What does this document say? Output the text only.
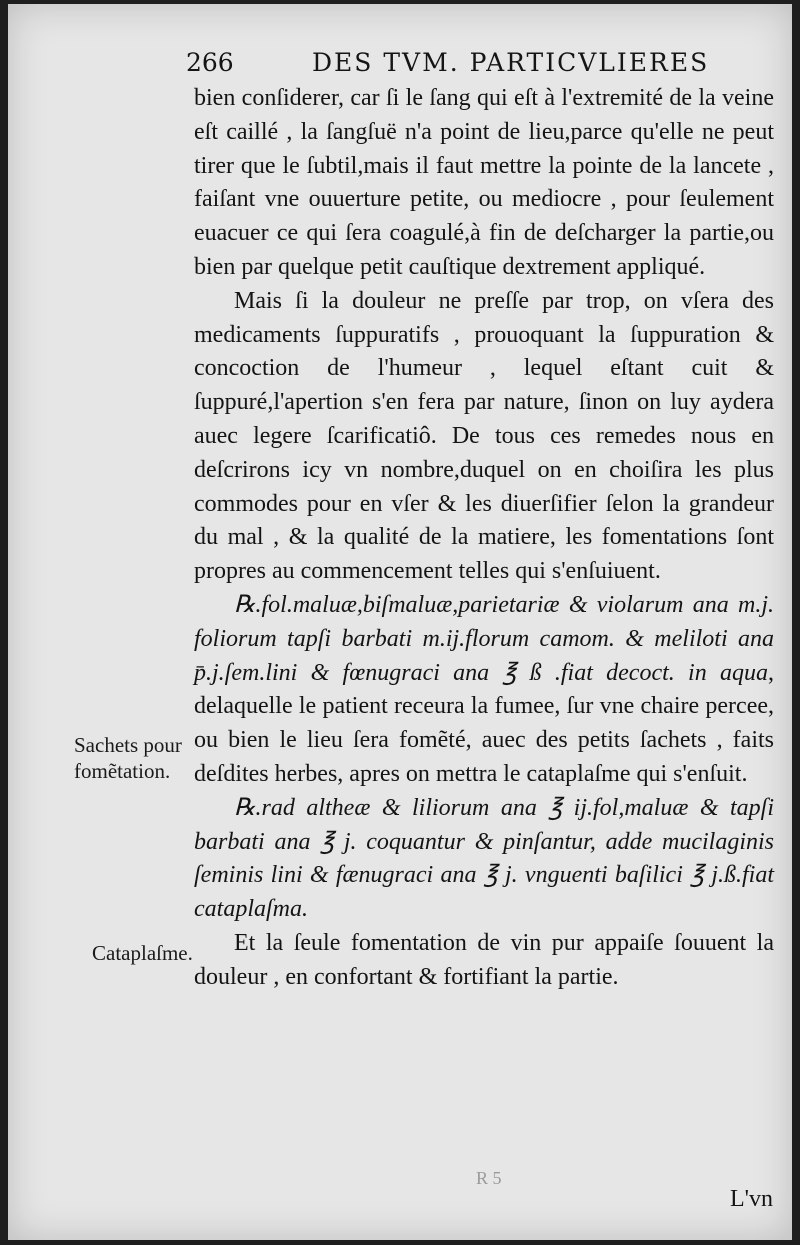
266	DES TVM. PARTICVLIERES

bien conſiderer, car ſi le ſang qui eſt à l'extremité de la veine eſt caillé , la ſangſuë n'a point de lieu,parce qu'elle ne peut tirer que le ſubtil,mais il faut mettre la pointe de la lancete , faiſant vne ouuerture petite, ou mediocre , pour ſeulement euacuer ce qui ſera coagulé,à fin de deſcharger la partie,ou bien par quelque petit cauſtique dextrement appliqué.

Mais ſi la douleur ne preſſe par trop, on vſera des medicaments ſuppuratifs , prouoquant la ſuppuration & concoction de l'humeur , lequel eſtant cuit & ſuppuré,l'apertion s'en fera par nature, ſinon on luy aydera auec legere ſcarificatiô. De tous ces remedes nous en deſcrirons icy vn nombre,duquel on en choiſira les plus commodes pour en vſer & les diuerſifier ſelon la grandeur du mal , & la qualité de la matiere, les fomentations ſont propres au commencement telles qui s'enſuiuent.

℞.fol.maluæ,biſmaluæ,parietariæ & violarum ana m.j. foliorum tapſi barbati m.ij.florum camom. & meliloti ana p̄.j.ſem.lini & fœnugraci ana ℥ ß .fiat decoct. in aqua, delaquelle le patient receura la fumee, ſur vne chaire percee, ou bien le lieu ſera fomẽté, auec des petits ſachets , faits deſdites herbes, apres on mettra le cataplaſme qui s'enſuit.

℞.rad altheæ & liliorum ana ℥ ij.fol,maluæ & tapſi barbati ana ℥ j. coquantur & pinſantur, adde mucilaginis ſeminis lini & fænugraci ana ℥ j. vnguenti baſilici ℥ j.ß.fiat cataplaſma.

Et la ſeule fomentation de vin pur appaiſe ſouuent la douleur , en confortant & fortifiant la partie.

Sachets pour fomẽtation.
Cataplaſme.
R 5
L'vn
